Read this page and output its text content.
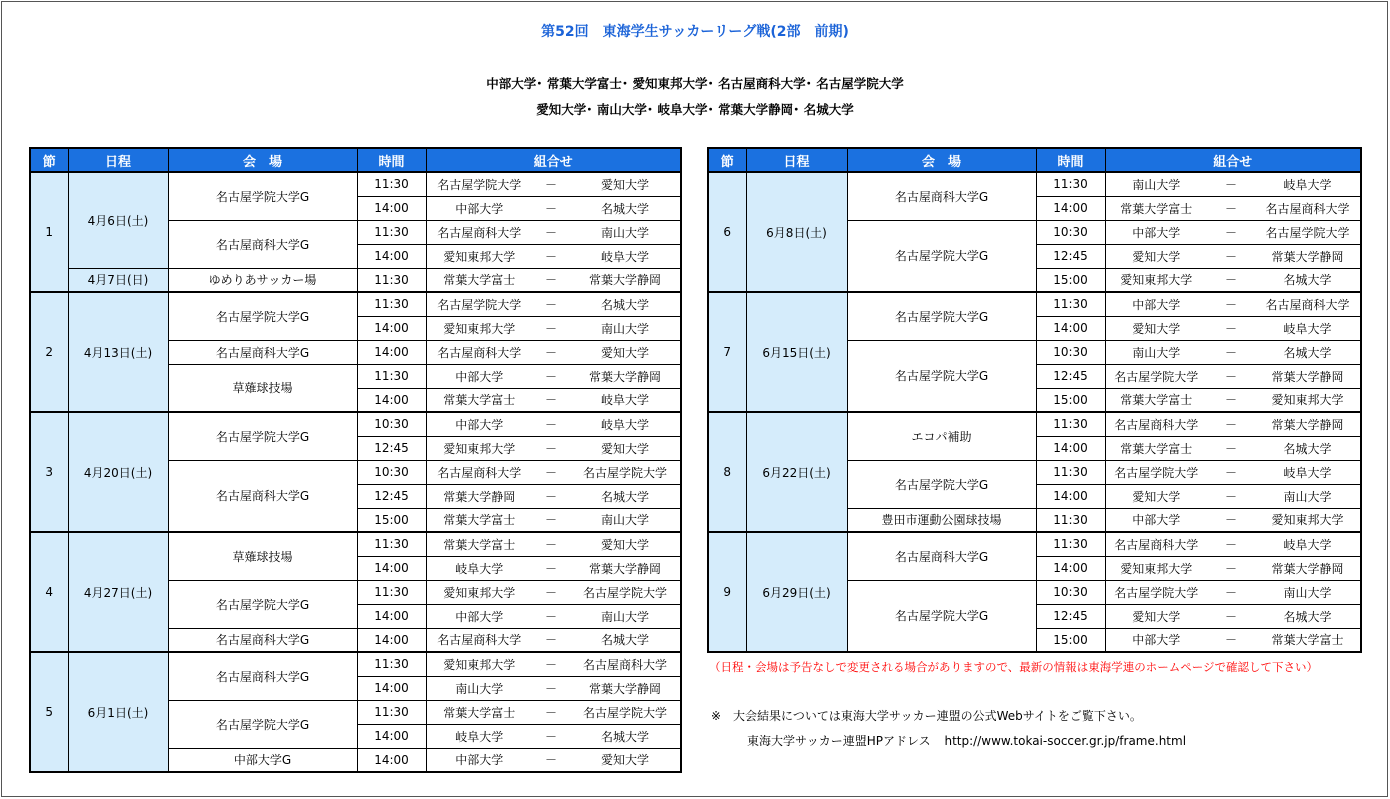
第52回　東海学生サッカーリーグ戦(2部　前期)
中部大学･ 常葉大学富士･ 愛知東邦大学･ 名古屋商科大学･ 名古屋学院大学
愛知大学･ 南山大学･ 岐阜大学･ 常葉大学静岡･ 名城大学
節	日程	会　場	時間	組合せ		
1	4月6日(土)	名古屋学院大学G	11:30	名古屋学院大学	－	愛知大学
			14:00	中部大学	－	名城大学
		名古屋商科大学G	11:30	名古屋商科大学	－	南山大学
			14:00	愛知東邦大学	－	岐阜大学
	4月7日(日)	ゆめりあサッカー場	11:30	常葉大学富士	－	常葉大学静岡
2	4月13日(土)	名古屋学院大学G	11:30	名古屋学院大学	－	名城大学
			14:00	愛知東邦大学	－	南山大学
		名古屋商科大学G	14:00	名古屋商科大学	－	愛知大学
		草薙球技場	11:30	中部大学	－	常葉大学静岡
			14:00	常葉大学富士	－	岐阜大学
3	4月20日(土)	名古屋学院大学G	10:30	中部大学	－	岐阜大学
			12:45	愛知東邦大学	－	愛知大学
		名古屋商科大学G	10:30	名古屋商科大学	－	名古屋学院大学
			12:45	常葉大学静岡	－	名城大学
			15:00	常葉大学富士	－	南山大学
4	4月27日(土)	草薙球技場	11:30	常葉大学富士	－	愛知大学
			14:00	岐阜大学	－	常葉大学静岡
		名古屋学院大学G	11:30	愛知東邦大学	－	名古屋学院大学
			14:00	中部大学	－	南山大学
		名古屋商科大学G	14:00	名古屋商科大学	－	名城大学
5	6月1日(土)	名古屋商科大学G	11:30	愛知東邦大学	－	名古屋商科大学
			14:00	南山大学	－	常葉大学静岡
		名古屋学院大学G	11:30	常葉大学富士	－	名古屋学院大学
			14:00	岐阜大学	－	名城大学
		中部大学G	14:00	中部大学	－	愛知大学
節	日程	会　場	時間	組合せ		
6	6月8日(土)	名古屋商科大学G	11:30	南山大学	－	岐阜大学
			14:00	常葉大学富士	－	名古屋商科大学
		名古屋学院大学G	10:30	中部大学	－	名古屋学院大学
			12:45	愛知大学	－	常葉大学静岡
			15:00	愛知東邦大学	－	名城大学
7	6月15日(土)	名古屋学院大学G	11:30	中部大学	－	名古屋商科大学
			14:00	愛知大学	－	岐阜大学
		名古屋学院大学G	10:30	南山大学	－	名城大学
			12:45	名古屋学院大学	－	常葉大学静岡
			15:00	常葉大学富士	－	愛知東邦大学
8	6月22日(土)	エコパ補助	11:30	名古屋商科大学	－	常葉大学静岡
			14:00	常葉大学富士	－	名城大学
		名古屋学院大学G	11:30	名古屋学院大学	－	岐阜大学
			14:00	愛知大学	－	南山大学
		豊田市運動公園球技場	11:30	中部大学	－	愛知東邦大学
9	6月29日(土)	名古屋商科大学G	11:30	名古屋商科大学	－	岐阜大学
			14:00	愛知東邦大学	－	常葉大学静岡
		名古屋学院大学G	10:30	名古屋学院大学	－	南山大学
			12:45	愛知大学	－	名城大学
			15:00	中部大学	－	常葉大学富士
（日程・会場は予告なしで変更される場合がありますので、最新の情報は東海学連のホームページで確認して下さい）
※　大会結果については東海大学サッカー連盟の公式Webサイトをご覧下さい。
東海大学サッカー連盟HPアドレス http://www.tokai-soccer.gr.jp/frame.html
